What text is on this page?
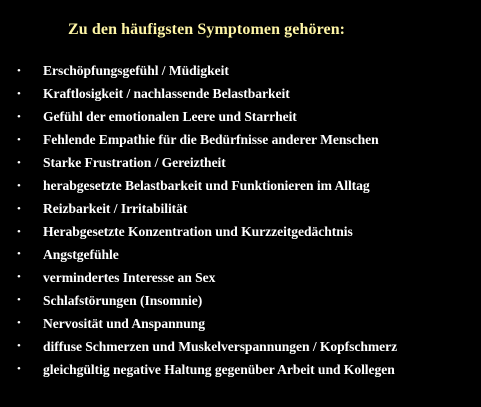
Zu den häufigsten Symptomen gehören:
•	Erschöpfungsgefühl / Müdigkeit
•	Kraftlosigkeit / nachlassende Belastbarkeit
•	Gefühl der emotionalen Leere und Starrheit
•	Fehlende Empathie für die Bedürfnisse anderer Menschen
•	Starke Frustration / Gereiztheit
•	herabgesetzte Belastbarkeit und Funktionieren im Alltag
•	Reizbarkeit / Irritabilität
•	Herabgesetzte Konzentration und Kurzzeitgedächtnis
•	Angstgefühle
•	vermindertes Interesse an Sex
•	Schlafstörungen (Insomnie)
•	Nervosität und Anspannung
•	diffuse Schmerzen und Muskelverspannungen / Kopfschmerz
•	gleichgültig negative Haltung gegenüber Arbeit und Kollegen
